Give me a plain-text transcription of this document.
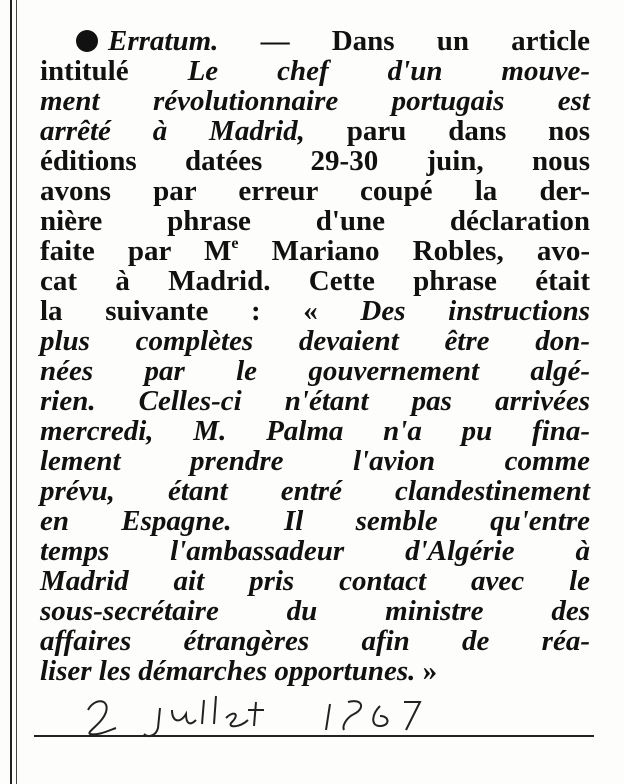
Erratum. — Dans un article
intitulé Le chef d'un mouve-
ment révolutionnaire portugais est
arrêté à Madrid, paru dans nos
éditions datées 29-30 juin, nous
avons par erreur coupé la der-
nière phrase d'une déclaration
faite par Me Mariano Robles, avo-
cat à Madrid. Cette phrase était
la suivante : « Des instructions
plus complètes devaient être don-
nées par le gouvernement algé-
rien. Celles-ci n'étant pas arrivées
mercredi, M. Palma n'a pu fina-
lement prendre l'avion comme
prévu, étant entré clandestinement
en Espagne. Il semble qu'entre
temps l'ambassadeur d'Algérie à
Madrid ait pris contact avec le
sous-secrétaire du ministre des
affaires étrangères afin de réa-
liser les démarches opportunes. »
